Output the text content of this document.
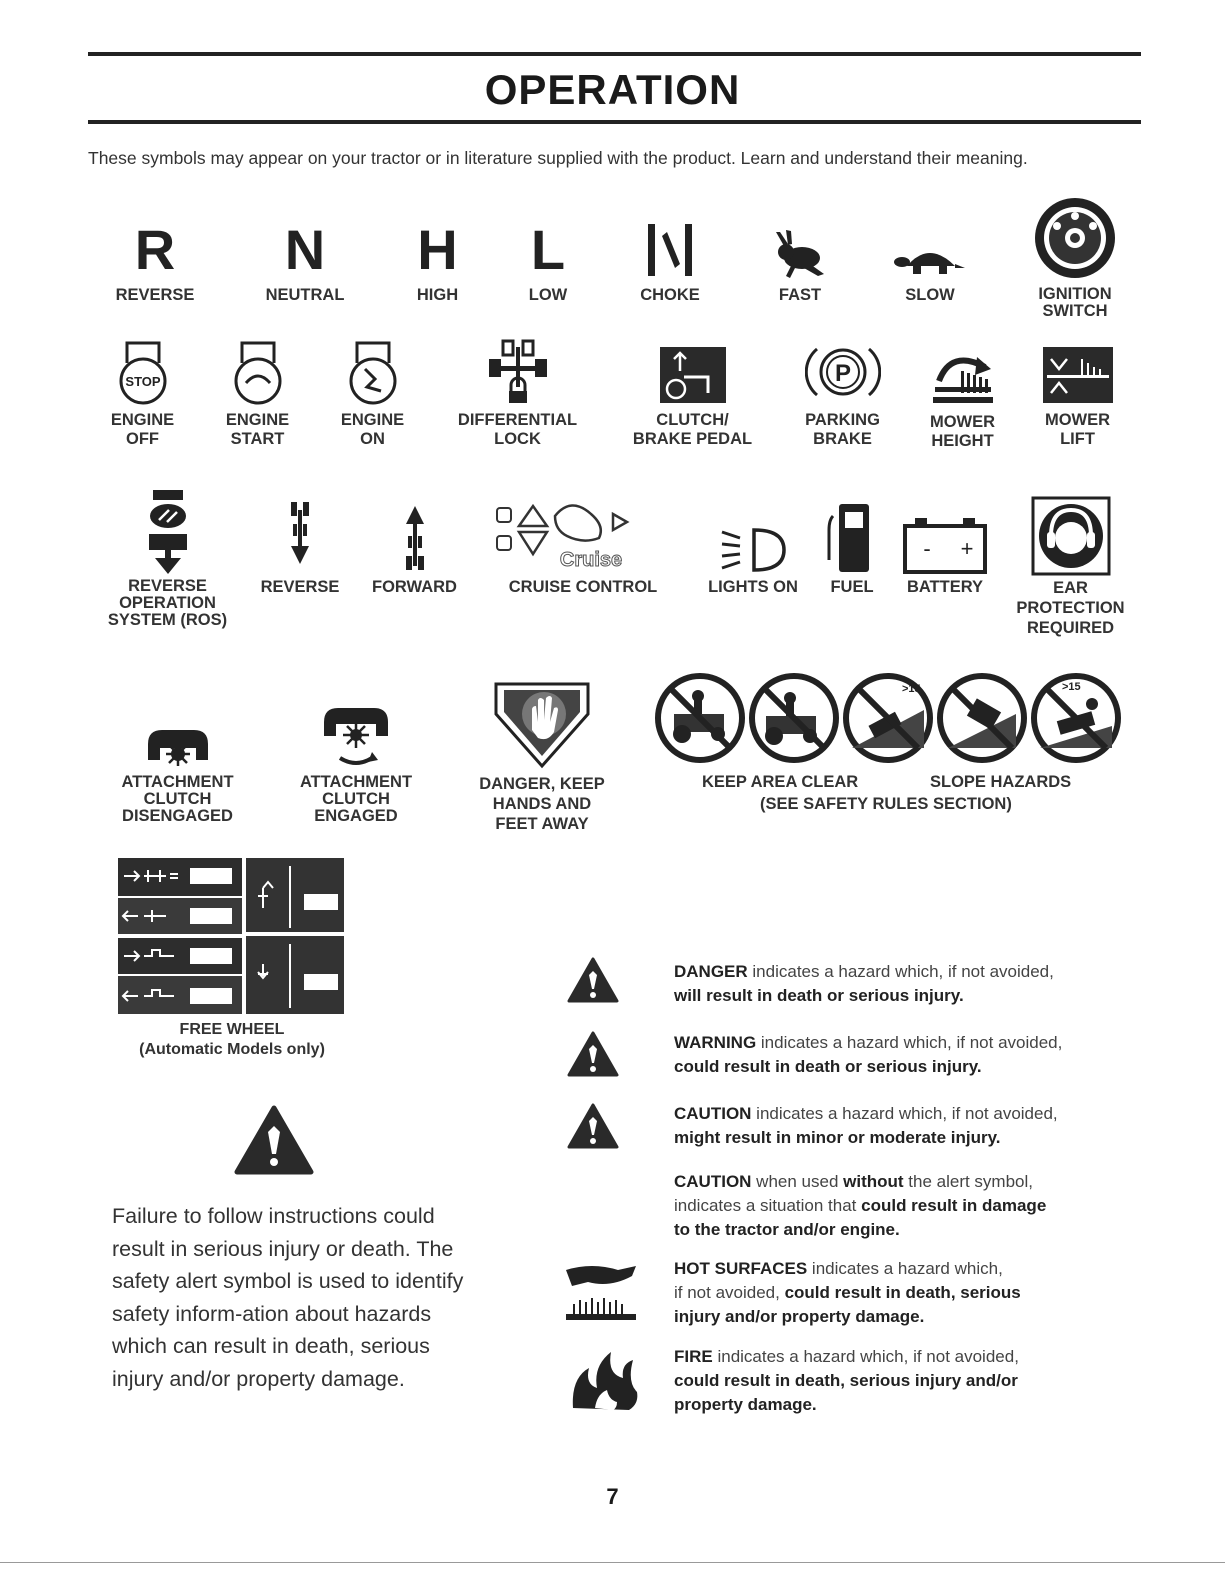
OPERATION
These symbols may appear on your tractor or in literature supplied with the product. Learn and understand their meaning.
R
REVERSE
N
NEUTRAL
H
HIGH
L
LOW	CHOKE	FAST	SLOW	IGNITION
SWITCH
STOP
ENGINE
OFF
ENGINE
START
ENGINE
ON
DIFFERENTIAL
LOCK
CLUTCH/
BRAKE PEDAL
P
PARKING
BRAKE
MOWER
HEIGHT
MOWER
LIFT
REVERSE
OPERATION
SYSTEM (ROS)
REVERSE	FORWARD
Cruise
CRUISE CONTROL	LIGHTS ON	FUEL
- +
BATTERY	EAR
PROTECTION
REQUIRED
ATTACHMENT
CLUTCH
DISENGAGED
ATTACHMENT
CLUTCH
ENGAGED
DANGER, KEEP
HANDS AND
FEET AWAY
>15	>15
KEEP AREA CLEAR	SLOPE HAZARDS
(SEE SAFETY RULES SECTION)
FREE WHEEL
(Automatic Models only)
Failure to follow instructions could result in serious injury or death. The safety alert symbol is used to identify safety inform-ation about hazards which can result in death, serious injury and/or property damage.
DANGER indicates a hazard which, if not avoided,
will result in death or serious injury.
WARNING indicates a hazard which, if not avoided,
could result in death or serious injury.
CAUTION indicates a hazard which, if not avoided,
might result in minor or moderate injury.
CAUTION when used without the alert symbol,
indicates a situation that could result in damage
to the tractor and/or engine.
HOT SURFACES indicates a hazard which,
if not avoided, could result in death, serious
injury and/or property damage.
FIRE indicates a hazard which, if not avoided,
could result in death, serious injury and/or
property damage.
7
